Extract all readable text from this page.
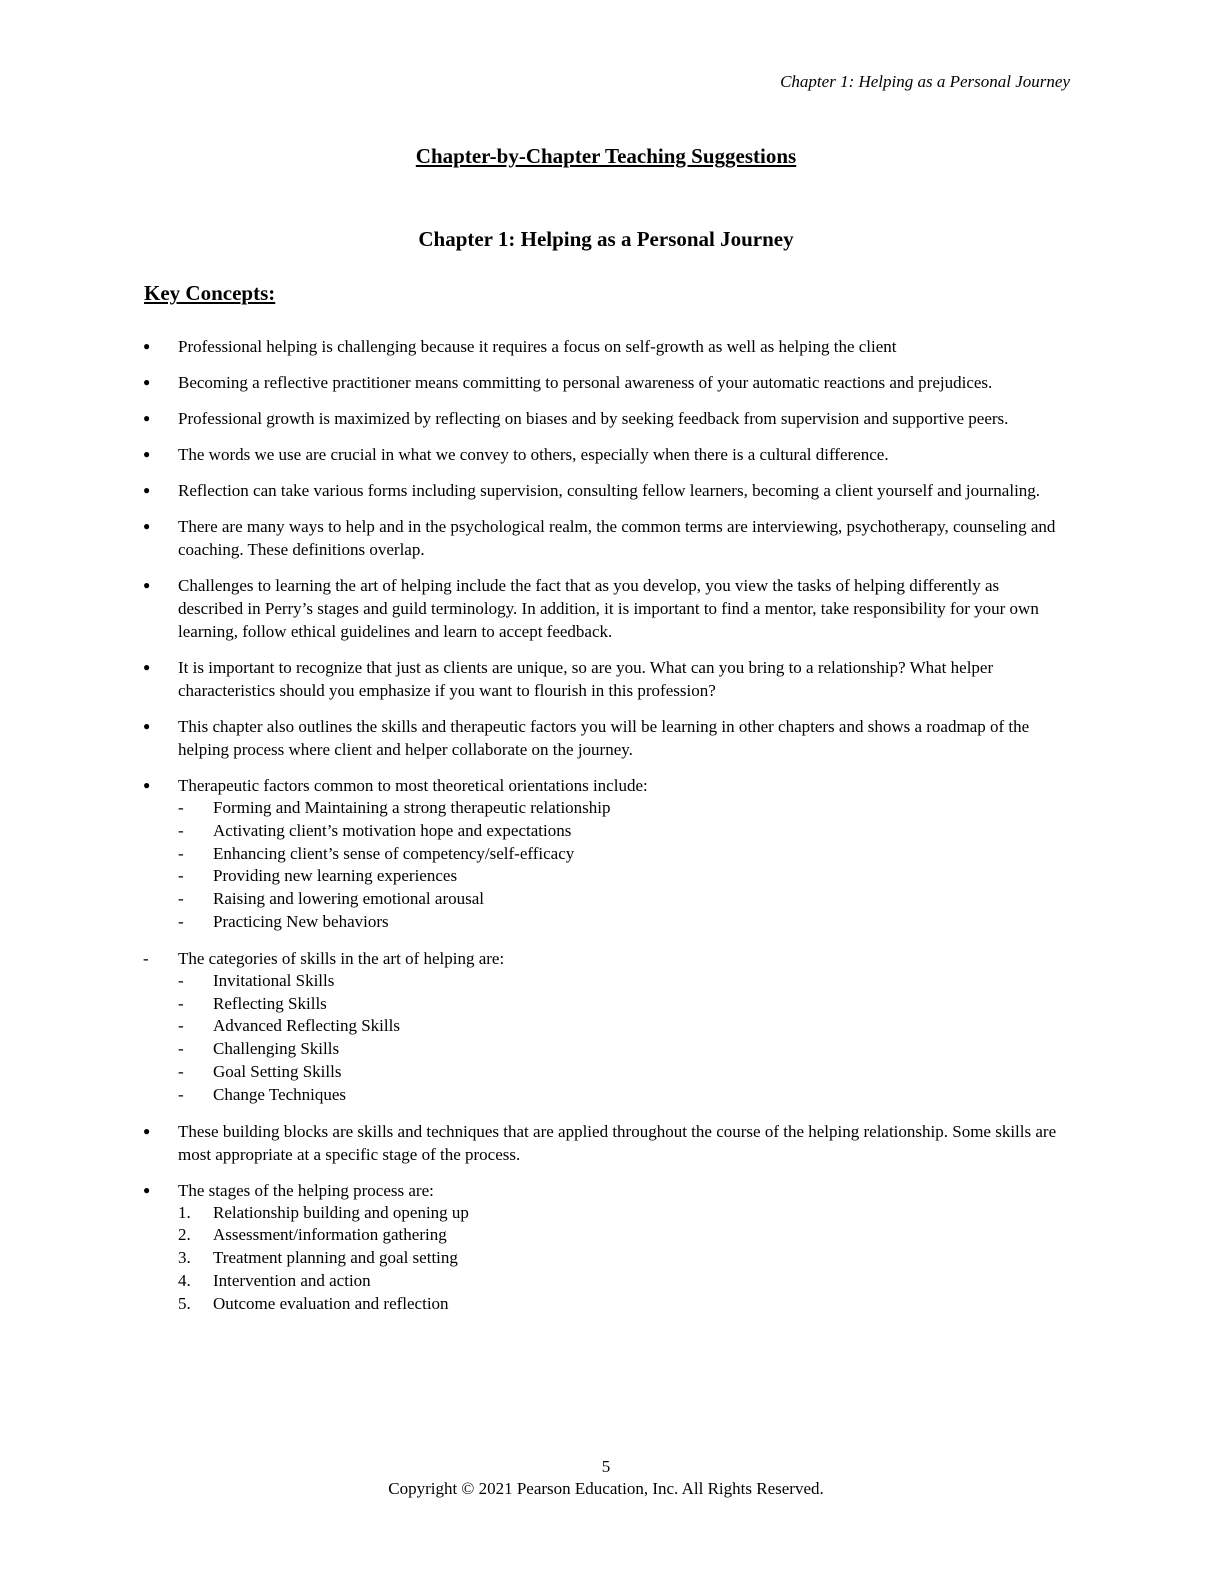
Chapter 1: Helping as a Personal Journey
Chapter-by-Chapter Teaching Suggestions
Chapter 1: Helping as a Personal Journey
Key Concepts:
●	Professional helping is challenging because it requires a focus on self-growth as well as helping the client
●	Becoming a reflective practitioner means committing to personal awareness of your automatic reactions and prejudices.
●	Professional growth is maximized by reflecting on biases and by seeking feedback from supervision and supportive peers.
●	The words we use are crucial in what we convey to others, especially when there is a cultural difference.
●	Reflection can take various forms including supervision, consulting fellow learners, becoming a client yourself and journaling.
●	There are many ways to help and in the psychological realm, the common terms are interviewing, psychotherapy, counseling and coaching. These definitions overlap.
●	Challenges to learning the art of helping include the fact that as you develop, you view the tasks of helping differently as described in Perry’s stages and guild terminology. In addition, it is important to find a mentor, take responsibility for your own learning, follow ethical guidelines and learn to accept feedback.
●	It is important to recognize that just as clients are unique, so are you. What can you bring to a relationship? What helper characteristics should you emphasize if you want to flourish in this profession?
●	This chapter also outlines the skills and therapeutic factors you will be learning in other chapters and shows a roadmap of the helping process where client and helper collaborate on the journey.
●	Therapeutic factors common to most theoretical orientations include:
- Forming and Maintaining a strong therapeutic relationship
- Activating client’s motivation hope and expectations
- Enhancing client’s sense of competency/self-efficacy
- Providing new learning experiences
- Raising and lowering emotional arousal
- Practicing New behaviors
-	The categories of skills in the art of helping are:
- Invitational Skills
- Reflecting Skills
- Advanced Reflecting Skills
- Challenging Skills
- Goal Setting Skills
- Change Techniques
●	These building blocks are skills and techniques that are applied throughout the course of the helping relationship. Some skills are most appropriate at a specific stage of the process.
●	The stages of the helping process are:
1. Relationship building and opening up
2. Assessment/information gathering
3. Treatment planning and goal setting
4. Intervention and action
5. Outcome evaluation and reflection
5
Copyright © 2021 Pearson Education, Inc. All Rights Reserved.
